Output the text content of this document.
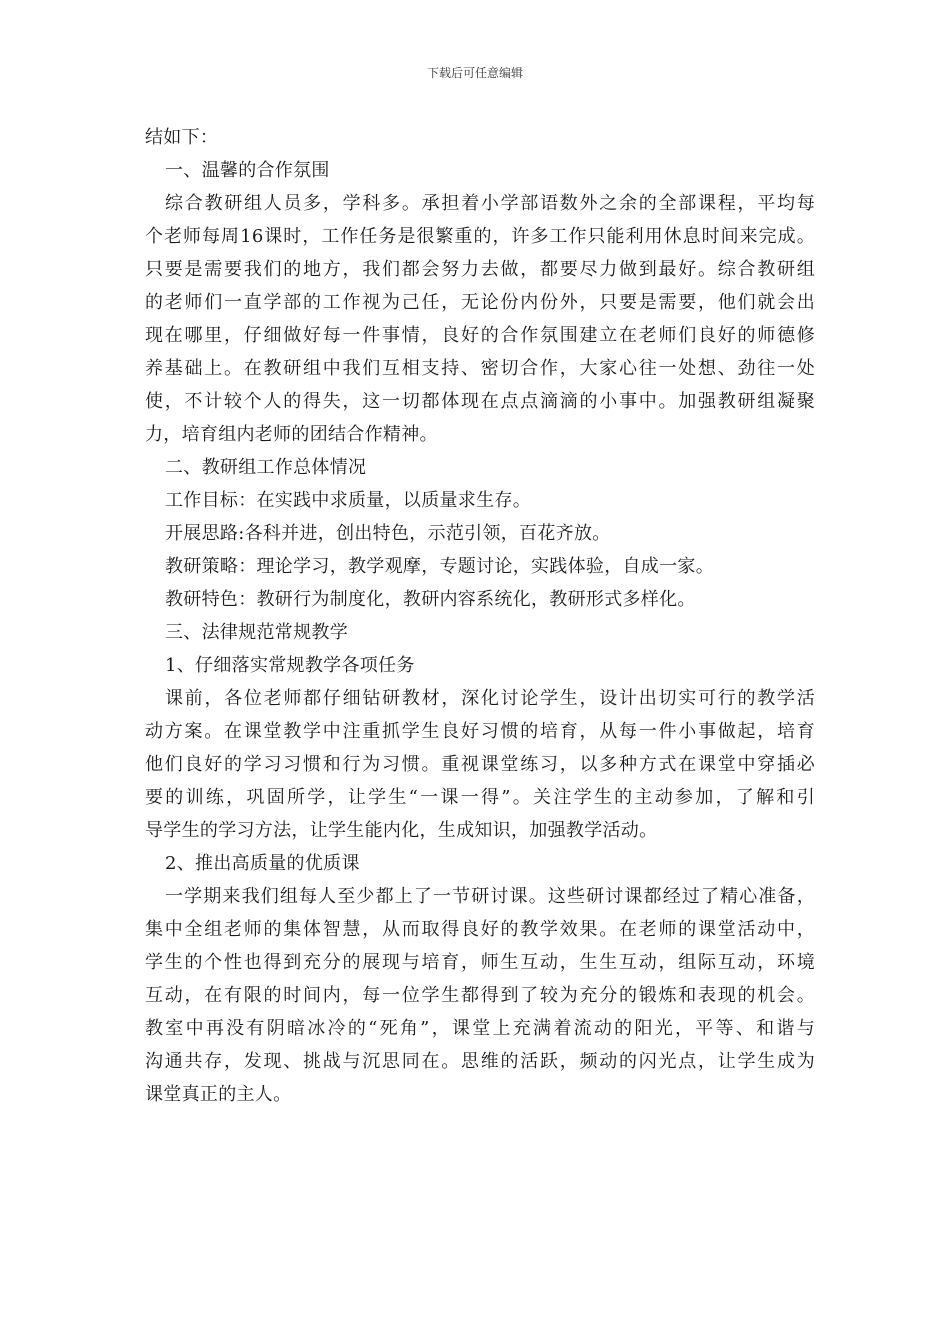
下载后可任意编辑
结如下：
一、温馨的合作氛围
综合教研组人员多，学科多。承担着小学部语数外之余的全部课程，平均每
个老师每周16课时，工作任务是很繁重的，许多工作只能利用休息时间来完成。
只要是需要我们的地方，我们都会努力去做，都要尽力做到最好。综合教研组
的老师们一直学部的工作视为己任，无论份内份外，只要是需要，他们就会出
现在哪里，仔细做好每一件事情，良好的合作氛围建立在老师们良好的师德修
养基础上。在教研组中我们互相支持、密切合作，大家心往一处想、劲往一处
使，不计较个人的得失，这一切都体现在点点滴滴的小事中。加强教研组凝聚
力，培育组内老师的团结合作精神。
二、教研组工作总体情况
工作目标：在实践中求质量，以质量求生存。
开展思路:各科并进，创出特色，示范引领，百花齐放。
教研策略：理论学习，教学观摩，专题讨论，实践体验，自成一家。
教研特色：教研行为制度化，教研内容系统化，教研形式多样化。
三、法律规范常规教学
1、仔细落实常规教学各项任务
课前，各位老师都仔细钻研教材，深化讨论学生，设计出切实可行的教学活
动方案。在课堂教学中注重抓学生良好习惯的培育，从每一件小事做起，培育
他们良好的学习习惯和行为习惯。重视课堂练习，以多种方式在课堂中穿插必
要的训练，巩固所学，让学生“一课一得”。关注学生的主动参加，了解和引
导学生的学习方法，让学生能内化，生成知识，加强教学活动。
2、推出高质量的优质课
一学期来我们组每人至少都上了一节研讨课。这些研讨课都经过了精心准备，
集中全组老师的集体智慧，从而取得良好的教学效果。在老师的课堂活动中，
学生的个性也得到充分的展现与培育，师生互动，生生互动，组际互动，环境
互动，在有限的时间内，每一位学生都得到了较为充分的锻炼和表现的机会。
教室中再没有阴暗冰冷的“死角”，课堂上充满着流动的阳光，平等、和谐与
沟通共存，发现、挑战与沉思同在。思维的活跃，频动的闪光点，让学生成为
课堂真正的主人。
